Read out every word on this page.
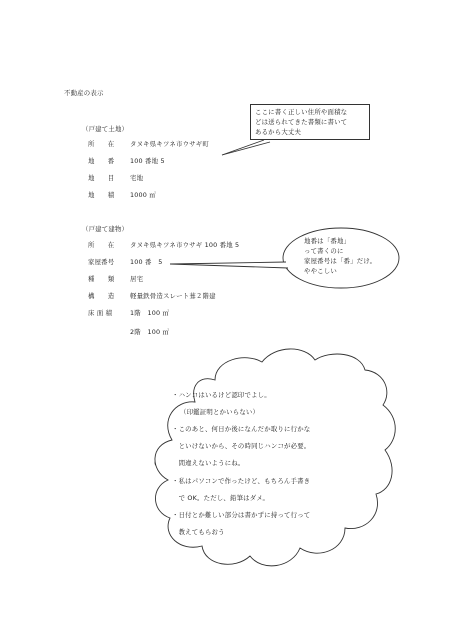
不動産の表示
ここに書く正しい住所や面積な
どは送られてきた書類に書いて
あるから大丈夫
（戸建て土地）
所　　在 タヌキ県キツネ市ウサギ町
地　　番 100 番地 5
地　　目 宅地
地　　積 1000 ㎡
（戸建て建物）
所　　在 タヌキ県キツネ市ウサギ 100 番地 5
家屋番号 100 番　5
種　　類 居宅
構　　造 軽量鉄骨造スレート葺２階建
床 面 積	1階　100 ㎡
2階　100 ㎡
地番は「番地」
って書くのに
家屋番号は「番」だけ。
ややこしい
・ハンコはいるけど認印でよし。
（印鑑証明とかいらない）
・このあと、何日か後になんだか取りに行かな
　といけないから、その時同じハンコが必要。
　間違えないようにね。
・私はパソコンで作ったけど、もちろん手書き
　で OK。ただし、鉛筆はダメ。
・日付とか難しい部分は書かずに持って行って
　教えてもらおう
